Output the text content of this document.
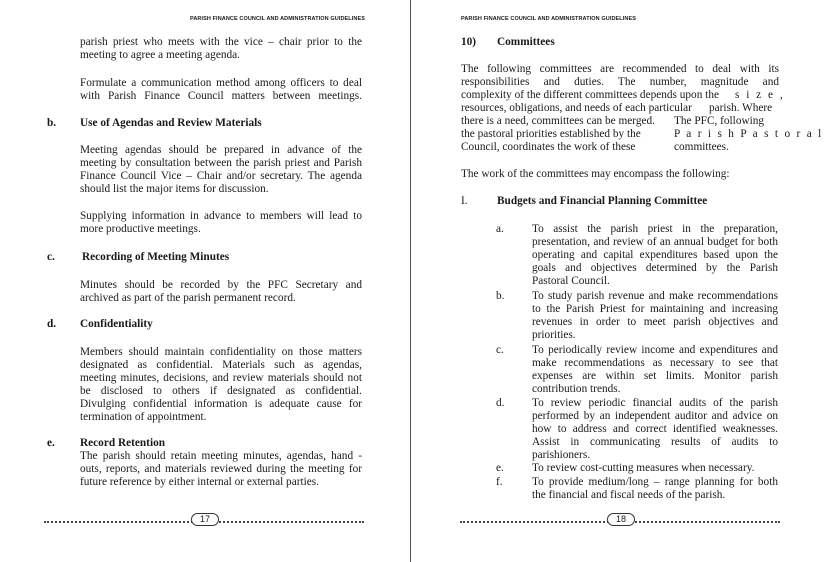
PARISH FINANCE COUNCIL AND ADMINISTRATION GUIDELINES
parish priest who meets with the vice – chair prior to the
meeting to agree a meeting agenda.
Formulate a communication method among officers to deal
with Parish Finance Council matters between meetings.
b. Use of Agendas and Review Materials
Meeting agendas should be prepared in advance of the
meeting by consultation between the parish priest and Parish
Finance Council Vice – Chair and/or secretary. The agenda
should list the major items for discussion.
Supplying information in advance to members will lead to
more productive meetings.
c. Recording of Meeting Minutes
Minutes should be recorded by the PFC Secretary and
archived as part of the parish permanent record.
d. Confidentiality
Members should maintain confidentiality on those matters
designated as confidential. Materials such as agendas,
meeting minutes, decisions, and review materials should not
be disclosed to others if designated as confidential.
Divulging confidential information is adequate cause for
termination of appointment.
e. Record Retention
The parish should retain meeting minutes, agendas, hand -
outs, reports, and materials reviewed during the meeting for
future reference by either internal or external parties.
17
PARISH FINANCE COUNCIL AND ADMINISTRATION GUIDELINES
10) Committees
The following committees are recommended to deal with its
responsibilities and duties. The number, magnitude and
complexity of the different committees depends upon the s i z e ,
resources, obligations, and needs of each particular parish. Where
there is a need, committees can be merged. The PFC, following
the pastoral priorities established by the	P a r i s h P a s t o r a l
Council, coordinates the work of these	committees.
The work of the committees may encompass the following:
I.	Budgets and Financial Planning Committee
a. To assist the parish priest in the preparation,
presentation, and review of an annual budget for both
operating and capital expenditures based upon the
goals and objectives determined by the Parish
Pastoral Council.
b. To study parish revenue and make recommendations
to the Parish Priest for maintaining and increasing
revenues in order to meet parish objectives and
priorities.
c. To periodically review income and expenditures and
make recommendations as necessary to see that
expenses are within set limits. Monitor parish
contribution trends.
d. To review periodic financial audits of the parish
performed by an independent auditor and advice on
how to address and correct identified weaknesses.
Assist in communicating results of audits to
parishioners.
e. To review cost-cutting measures when necessary.
f.	To provide medium/long – range planning for both
the financial and fiscal needs of the parish.
18
